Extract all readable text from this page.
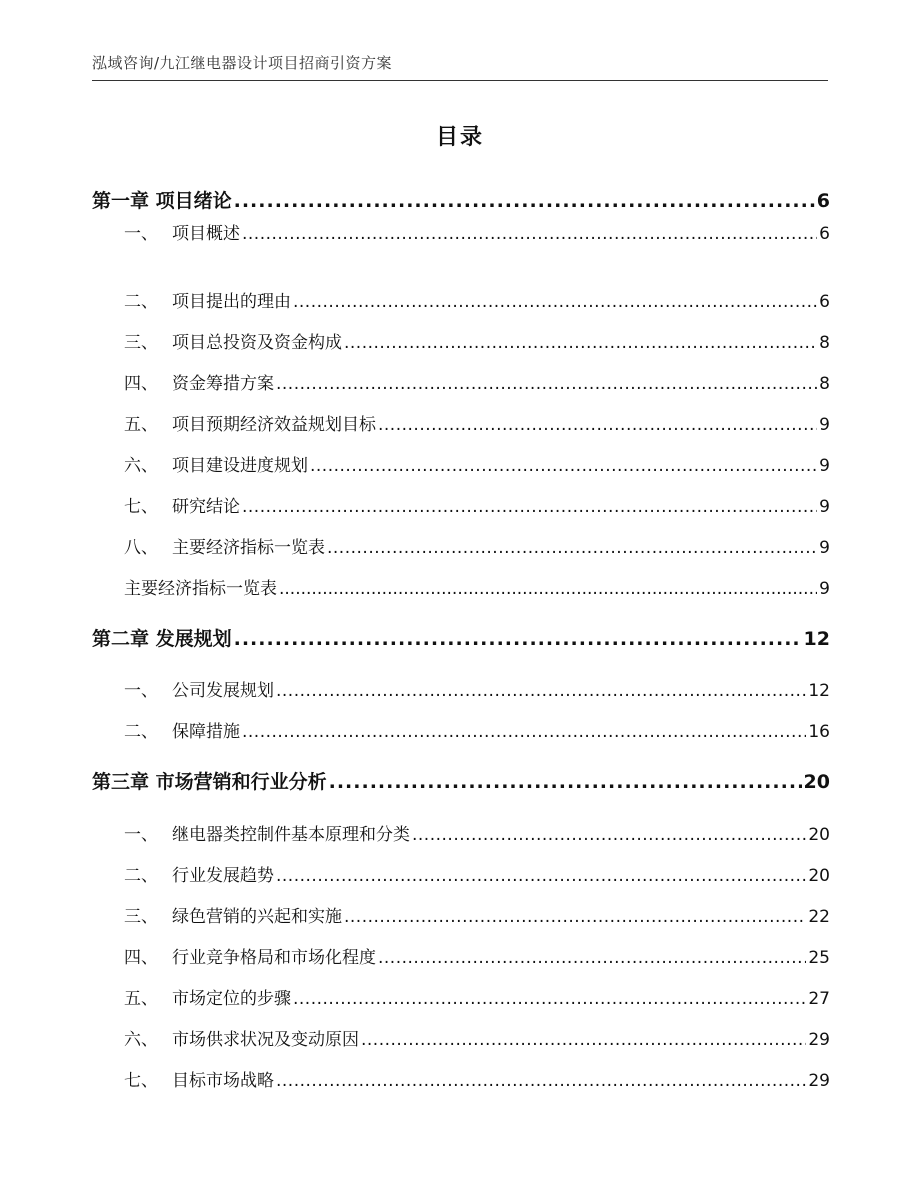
泓域咨询/九江继电器设计项目招商引资方案
目录
第一章 项目绪论 .....	6
一、 项目概述 .....	6
二、 项目提出的理由 .....	6
三、 项目总投资及资金构成 .....	8
四、 资金筹措方案 .....	8
五、 项目预期经济效益规划目标 .....	9
六、 项目建设进度规划 .....	9
七、 研究结论 .....	9
八、 主要经济指标一览表 .....	9
主要经济指标一览表 .....	9
第二章 发展规划 .....	12
一、 公司发展规划 .....	12
二、 保障措施 .....	16
第三章 市场营销和行业分析 .....	20
一、 继电器类控制件基本原理和分类 .....	20
二、 行业发展趋势 .....	20
三、 绿色营销的兴起和实施 .....	22
四、 行业竞争格局和市场化程度 .....	25
五、 市场定位的步骤 .....	27
六、 市场供求状况及变动原因 .....	29
七、 目标市场战略 .....	29
